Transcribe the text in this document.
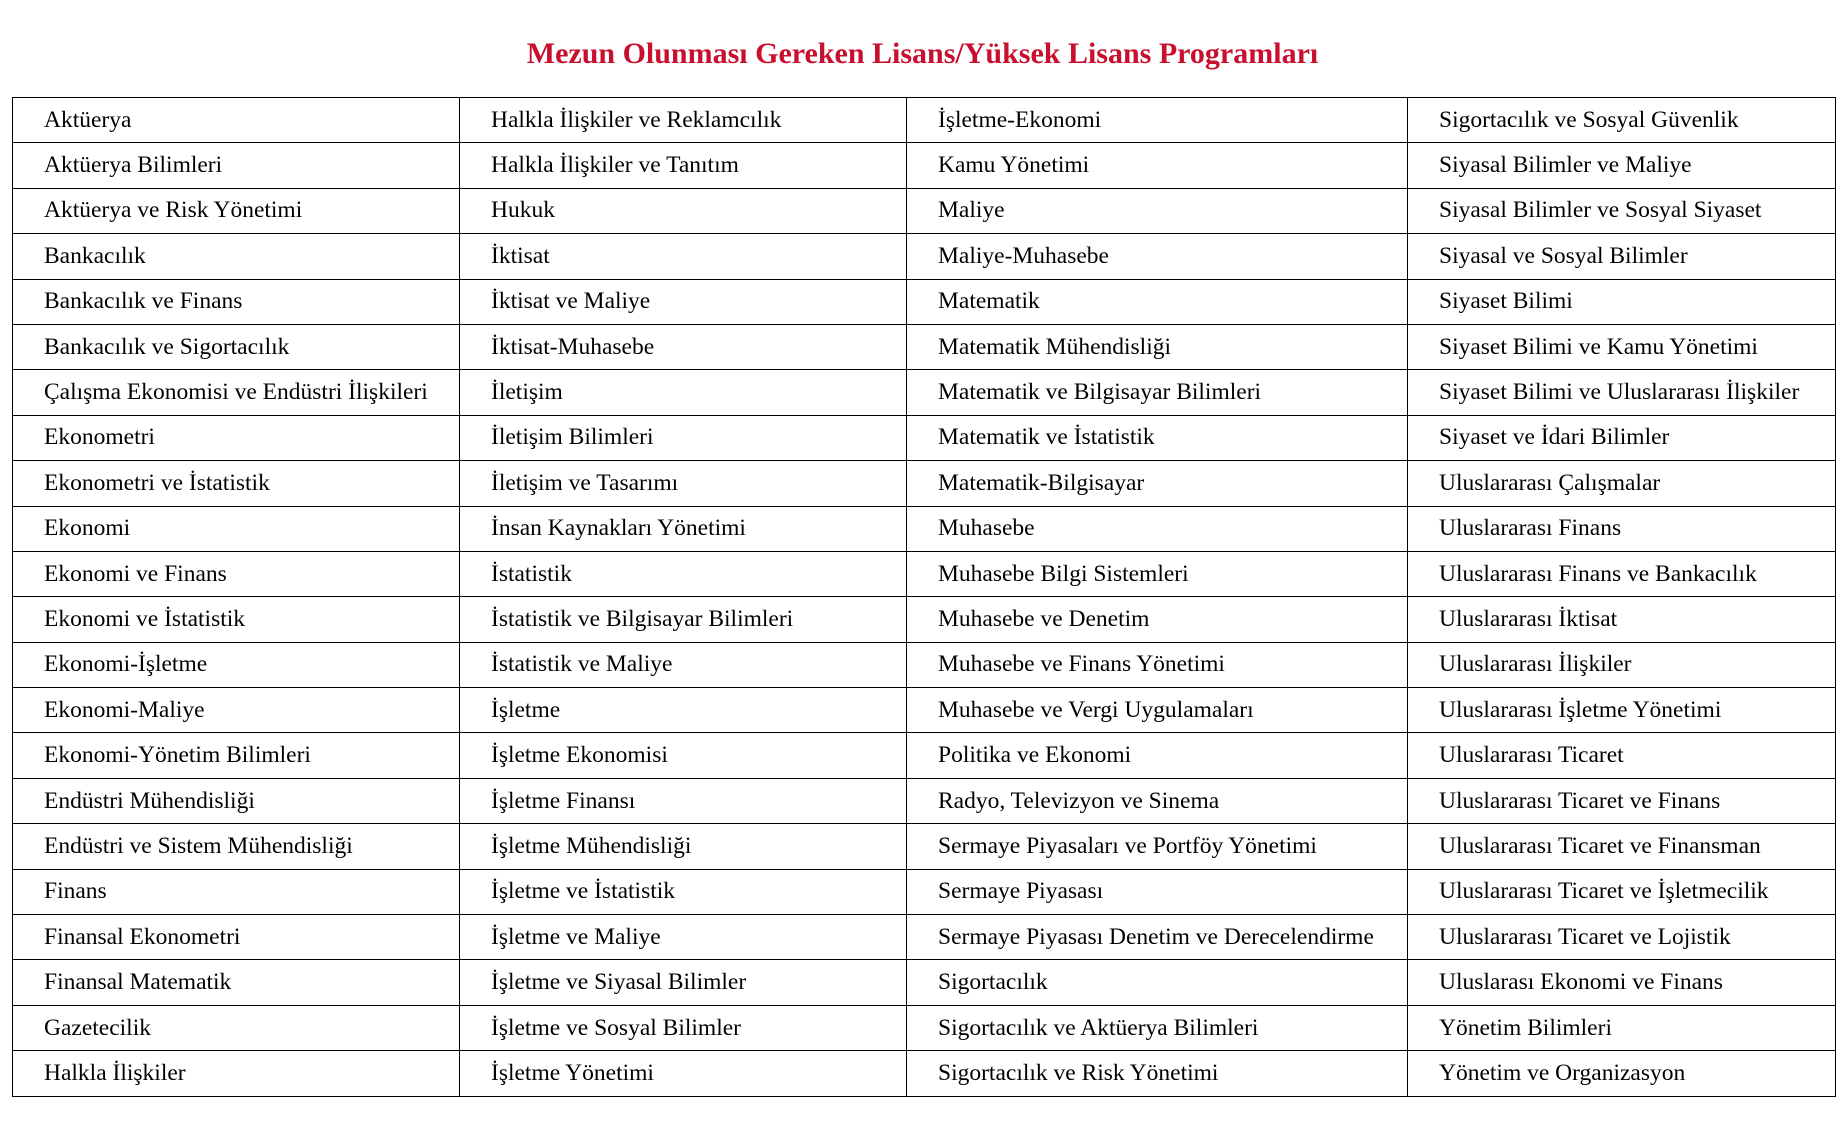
Mezun Olunması Gereken Lisans/Yüksek Lisans Programları
Aktüerya	Halkla İlişkiler ve Reklamcılık	İşletme-Ekonomi	Sigortacılık ve Sosyal Güvenlik
Aktüerya Bilimleri	Halkla İlişkiler ve Tanıtım	Kamu Yönetimi	Siyasal Bilimler ve Maliye
Aktüerya ve Risk Yönetimi	Hukuk	Maliye	Siyasal Bilimler ve Sosyal Siyaset
Bankacılık	İktisat	Maliye-Muhasebe	Siyasal ve Sosyal Bilimler
Bankacılık ve Finans	İktisat ve Maliye	Matematik	Siyaset Bilimi
Bankacılık ve Sigortacılık	İktisat-Muhasebe	Matematik Mühendisliği	Siyaset Bilimi ve Kamu Yönetimi
Çalışma Ekonomisi ve Endüstri İlişkileri	İletişim	Matematik ve Bilgisayar Bilimleri	Siyaset Bilimi ve Uluslararası İlişkiler
Ekonometri	İletişim Bilimleri	Matematik ve İstatistik	Siyaset ve İdari Bilimler
Ekonometri ve İstatistik	İletişim ve Tasarımı	Matematik-Bilgisayar	Uluslararası Çalışmalar
Ekonomi	İnsan Kaynakları Yönetimi	Muhasebe	Uluslararası Finans
Ekonomi ve Finans	İstatistik	Muhasebe Bilgi Sistemleri	Uluslararası Finans ve Bankacılık
Ekonomi ve İstatistik	İstatistik ve Bilgisayar Bilimleri	Muhasebe ve Denetim	Uluslararası İktisat
Ekonomi-İşletme	İstatistik ve Maliye	Muhasebe ve Finans Yönetimi	Uluslararası İlişkiler
Ekonomi-Maliye	İşletme	Muhasebe ve Vergi Uygulamaları	Uluslararası İşletme Yönetimi
Ekonomi-Yönetim Bilimleri	İşletme Ekonomisi	Politika ve Ekonomi	Uluslararası Ticaret
Endüstri Mühendisliği	İşletme Finansı	Radyo, Televizyon ve Sinema	Uluslararası Ticaret ve Finans
Endüstri ve Sistem Mühendisliği	İşletme Mühendisliği	Sermaye Piyasaları ve Portföy Yönetimi	Uluslararası Ticaret ve Finansman
Finans	İşletme ve İstatistik	Sermaye Piyasası	Uluslararası Ticaret ve İşletmecilik
Finansal Ekonometri	İşletme ve Maliye	Sermaye Piyasası Denetim ve Derecelendirme	Uluslararası Ticaret ve Lojistik
Finansal Matematik	İşletme ve Siyasal Bilimler	Sigortacılık	Uluslarası Ekonomi ve Finans
Gazetecilik	İşletme ve Sosyal Bilimler	Sigortacılık ve Aktüerya Bilimleri	Yönetim Bilimleri
Halkla İlişkiler	İşletme Yönetimi	Sigortacılık ve Risk Yönetimi	Yönetim ve Organizasyon
